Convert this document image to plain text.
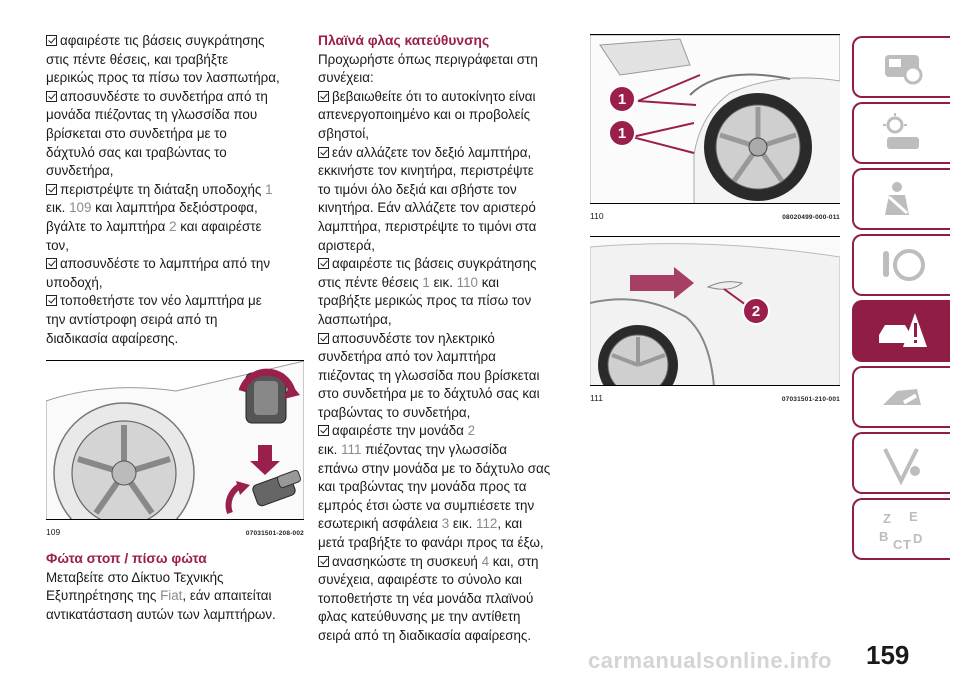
αφαιρέστε τις βάσεις συγκράτησης
στις πέντε θέσεις, και τραβήξτε
μερικώς προς τα πίσω τον λασπωτήρα,
αποσυνδέστε το συνδετήρα από τη
μονάδα πιέζοντας τη γλωσσίδα που
βρίσκεται στο συνδετήρα με το
δάχτυλό σας και τραβώντας το
συνδετήρα,
περιστρέψτε τη διάταξη υποδοχής 1
εικ. 109 και λαμπτήρα δεξιόστροφα,
βγάλτε το λαμπτήρα 2 και αφαιρέστε
τον,
αποσυνδέστε το λαμπτήρα από την
υποδοχή,
τοποθετήστε τον νέο λαμπτήρα με
την αντίστροφη σειρά από τη
διαδικασία αφαίρεσης.
109	07031501-208-002
Φώτα στοπ / πίσω φώτα
Μεταβείτε στο Δίκτυο Τεχνικής
Εξυπηρέτησης της Fiat, εάν απαιτείται
αντικατάσταση αυτών των λαμπτήρων.
Πλαϊνά φλας κατεύθυνσης
Προχωρήστε όπως περιγράφεται στη
συνέχεια:
βεβαιωθείτε ότι το αυτοκίνητο είναι
απενεργοποιημένο και οι προβολείς
σβηστοί,
εάν αλλάζετε τον δεξιό λαμπτήρα,
εκκινήστε τον κινητήρα, περιστρέψτε
το τιμόνι όλο δεξιά και σβήστε τον
κινητήρα. Εάν αλλάζετε τον αριστερό
λαμπτήρα, περιστρέψτε το τιμόνι στα
αριστερά,
αφαιρέστε τις βάσεις συγκράτησης
στις πέντε θέσεις 1 εικ. 110 και
τραβήξτε μερικώς προς τα πίσω τον
λασπωτήρα,
αποσυνδέστε τον ηλεκτρικό
συνδετήρα από τον λαμπτήρα
πιέζοντας τη γλωσσίδα που βρίσκεται
στο συνδετήρα με το δάχτυλό σας και
τραβώντας το συνδετήρα,
αφαιρέστε την μονάδα 2
εικ. 111 πιέζοντας την γλωσσίδα
επάνω στην μονάδα με το δάχτυλο σας
και τραβώντας την μονάδα προς τα
εμπρός έτσι ώστε να συμπιέσετε την
εσωτερική ασφάλεια 3 εικ. 112, και
μετά τραβήξτε το φανάρι προς τα έξω,
ανασηκώστε τη συσκευή 4 και, στη
συνέχεια, αφαιρέστε το σύνολο και
τοποθετήστε τη νέα μονάδα πλαϊνού
φλας κατεύθυνσης με την αντίθετη
σειρά από τη διαδικασία αφαίρεσης.
1
1
110	08020499-000-011
2
111	07031501-210-001
Z E
B
C D
T
carmanualsonline.info 159
